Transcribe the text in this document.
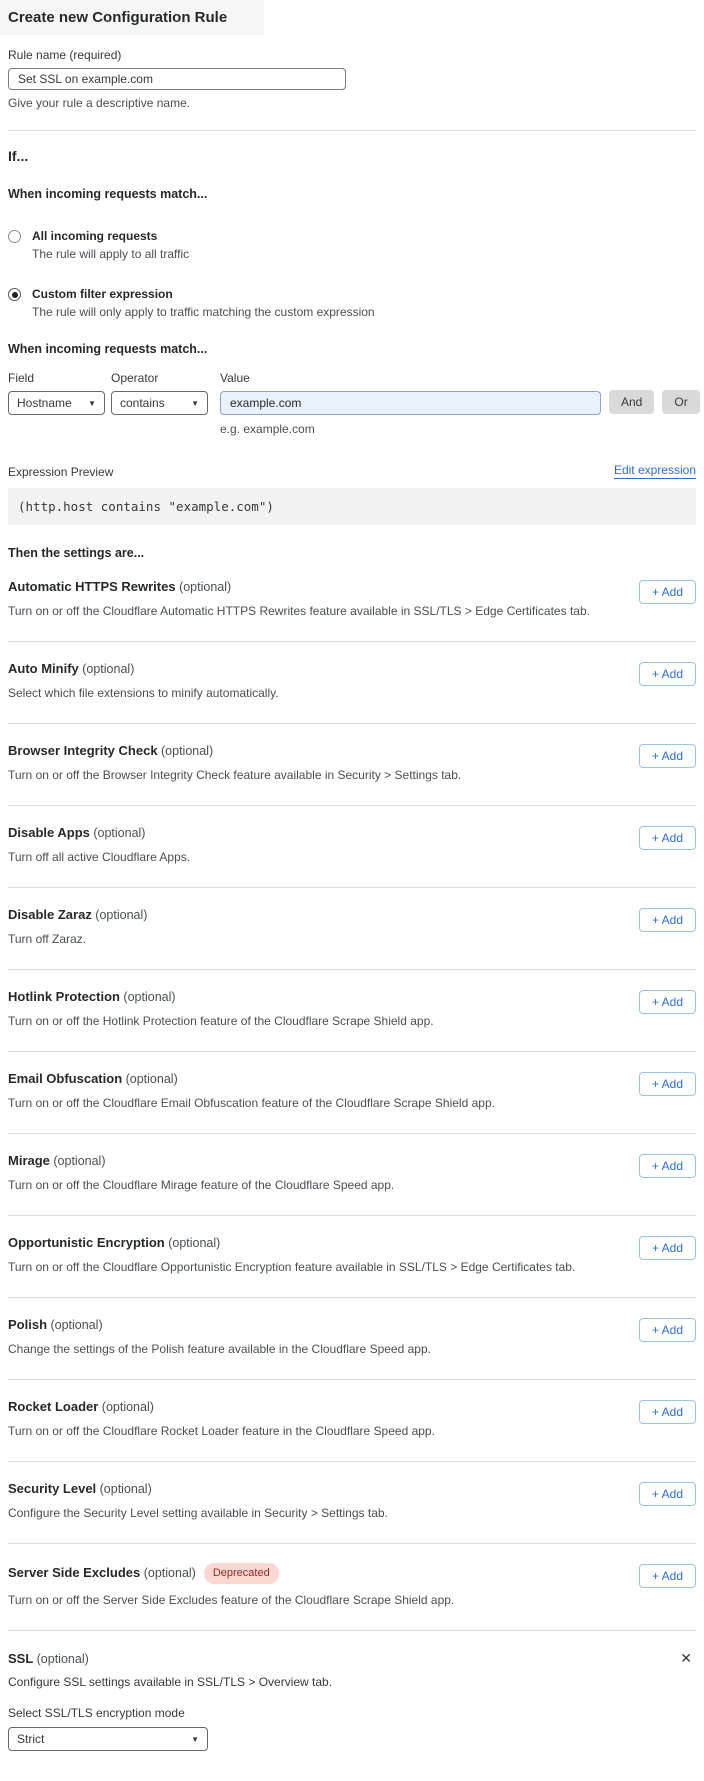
Create new Configuration Rule
Rule name (required)
Set SSL on example.com
Give your rule a descriptive name.
If...
When incoming requests match...
All incoming requests
The rule will apply to all traffic
Custom filter expression
The rule will only apply to traffic matching the custom expression
When incoming requests match...
Field
Hostname ▼
Operator
contains	▼
Value
example.com
e.g. example.com
And	Or
Expression Preview	Edit expression
(http.host contains "example.com")
Then the settings are...
Automatic HTTPS Rewrites (optional)
Turn on or off the Cloudflare Automatic HTTPS Rewrites feature available in SSL/TLS > Edge Certificates tab.
+ Add
Auto Minify (optional)
Select which file extensions to minify automatically.
+ Add
Browser Integrity Check (optional)
Turn on or off the Browser Integrity Check feature available in Security > Settings tab.
+ Add
Disable Apps (optional)
Turn off all active Cloudflare Apps.
+ Add
Disable Zaraz (optional)
Turn off Zaraz.
+ Add
Hotlink Protection (optional)
Turn on or off the Hotlink Protection feature of the Cloudflare Scrape Shield app.
+ Add
Email Obfuscation (optional)
Turn on or off the Cloudflare Email Obfuscation feature of the Cloudflare Scrape Shield app.
+ Add
Mirage (optional)
Turn on or off the Cloudflare Mirage feature of the Cloudflare Speed app.
+ Add
Opportunistic Encryption (optional)
Turn on or off the Cloudflare Opportunistic Encryption feature available in SSL/TLS > Edge Certificates tab.
+ Add
Polish (optional)
Change the settings of the Polish feature available in the Cloudflare Speed app.
+ Add
Rocket Loader (optional)
Turn on or off the Cloudflare Rocket Loader feature in the Cloudflare Speed app.
+ Add
Security Level (optional)
Configure the Security Level setting available in Security > Settings tab.
+ Add
Server Side Excludes (optional) Deprecated
Turn on or off the Server Side Excludes feature of the Cloudflare Scrape Shield app.
+ Add
SSL (optional)	✕
Configure SSL settings available in SSL/TLS > Overview tab.
Select SSL/TLS encryption mode
Strict	▼
